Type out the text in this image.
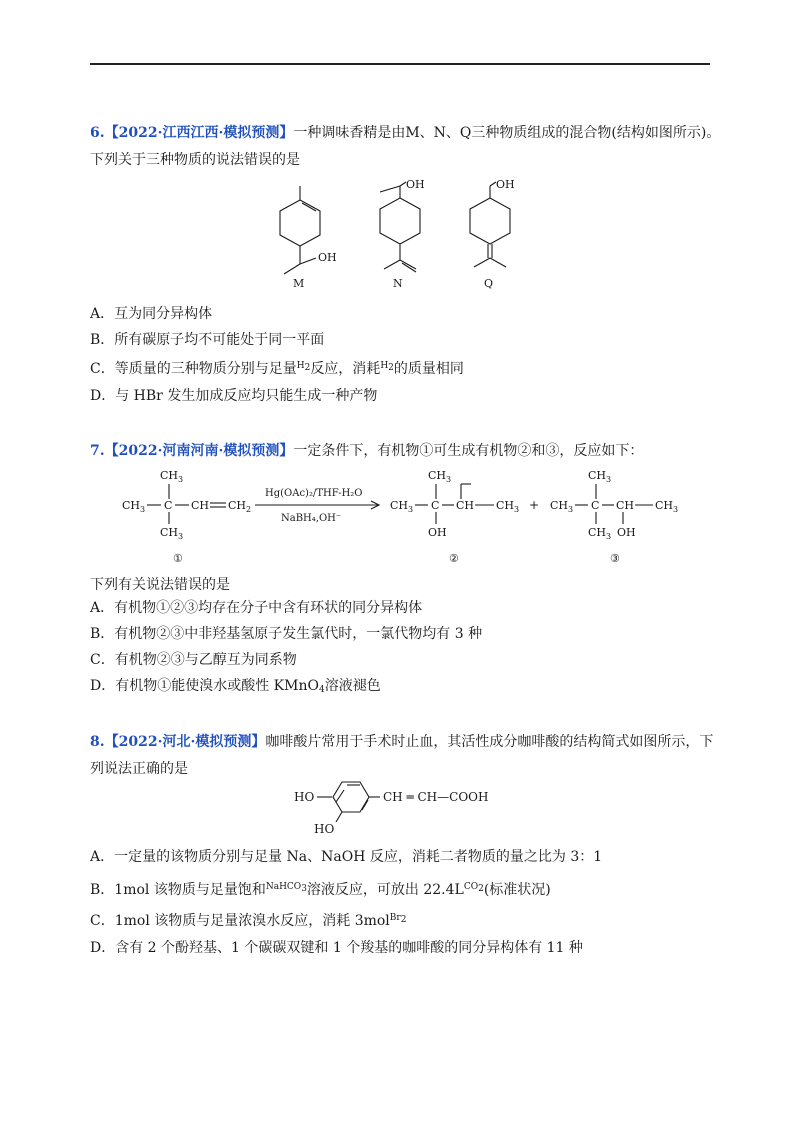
6.【2022·江西江西·模拟预测】一种调味香精是由M、N、Q三种物质组成的混合物(结构如图所示)。
下列关于三种物质的说法错误的是
OH
M
OH
N
OH
Q
A．互为同分异构体
B．所有碳原子均不可能处于同一平面
C．等质量的三种物质分别与足量$^{H_2}$反应，消耗$^{H_2}$的质量相同
D．与 HBr 发生加成反应均只能生成一种产物
7.【2022·河南河南·模拟预测】一定条件下，有机物①可生成有机物②和③，反应如下：
$CH_3$
$CH_3$ C CH $CH_2$
$CH_3$
①
Hg(OAc)₂/THF-H₂O
NaBH₄,OH⁻
$CH_3$
$CH_3$ C CH $CH_3$
OH
②
+
$CH_3$
$CH_3$ C CH $CH_3$
$CH_3$ OH
③
下列有关说法错误的是
A．有机物①②③均存在分子中含有环状的同分异构体
B．有机物②③中非羟基氢原子发生氯代时，一氯代物均有 3 种
C．有机物②③与乙醇互为同系物
D．有机物①能使溴水或酸性 KMnO$_4$溶液褪色
8.【2022·河北·模拟预测】咖啡酸片常用于手术时止血，其活性成分咖啡酸的结构简式如图所示，下
列说法正确的是
HO
HO
CH ═ CH—COOH
A．一定量的该物质分别与足量 Na、NaOH 反应，消耗二者物质的量之比为 3：1
B．1mol 该物质与足量饱和$^{NaHCO_3}$溶液反应，可放出 $22.4L^{CO_2}$(标准状况)
C．1mol 该物质与足量浓溴水反应，消耗 3mol$^{Br_2}$
D．含有 2 个酚羟基、1 个碳碳双键和 1 个羧基的咖啡酸的同分异构体有 11 种
